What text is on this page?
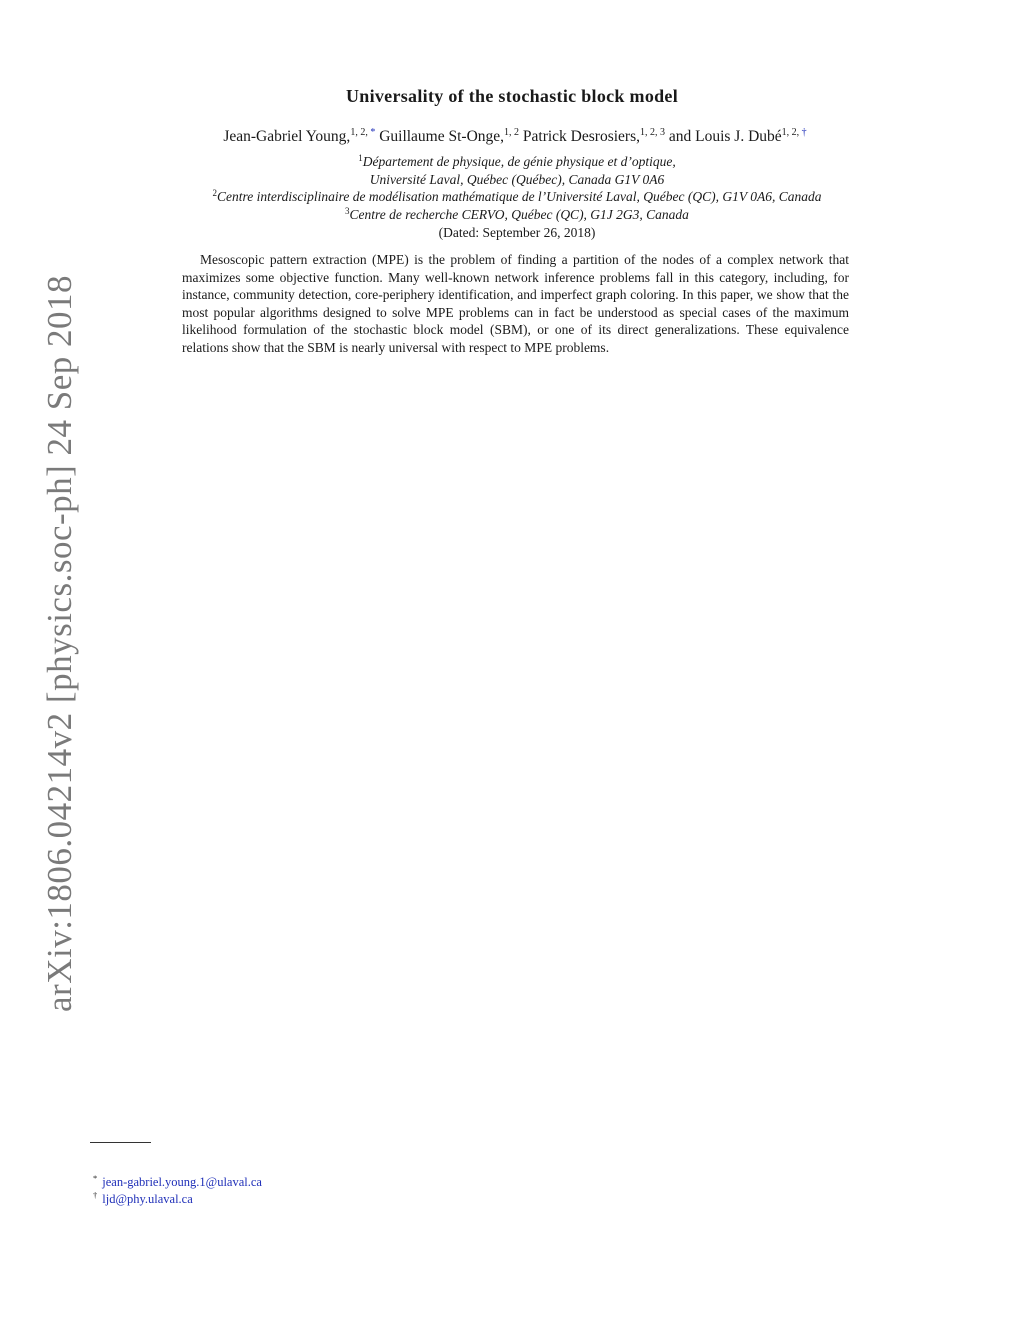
arXiv:1806.04214v2 [physics.soc-ph] 24 Sep 2018
Universality of the stochastic block model
Jean-Gabriel Young,$^{1, 2, *}$ Guillaume St-Onge,$^{1, 2}$ Patrick Desrosiers,$^{1, 2, 3}$ and Louis J. Dubé$^{1, 2, \dagger}$
$^1$Département de physique, de génie physique et d’optique,
Université Laval, Québec (Québec), Canada G1V 0A6
$^2$Centre interdisciplinaire de modélisation mathématique de l’Université Laval, Québec (QC), G1V 0A6, Canada
$^3$Centre de recherche CERVO, Québec (QC), G1J 2G3, Canada
(Dated: September 26, 2018)
Mesoscopic pattern extraction (MPE) is the problem of finding a partition of the nodes of a complex network that maximizes some objective function. Many well-known network inference problems fall in this category, including, for instance, community detection, core-periphery identification, and imperfect graph coloring. In this paper, we show that the most popular algorithms designed to solve MPE problems can in fact be understood as special cases of the maximum likelihood formulation of the stochastic block model (SBM), or one of its direct generalizations. These equivalence relations show that the SBM is nearly universal with respect to MPE problems.
* jean-gabriel.young.1@ulaval.ca
† ljd@phy.ulaval.ca
